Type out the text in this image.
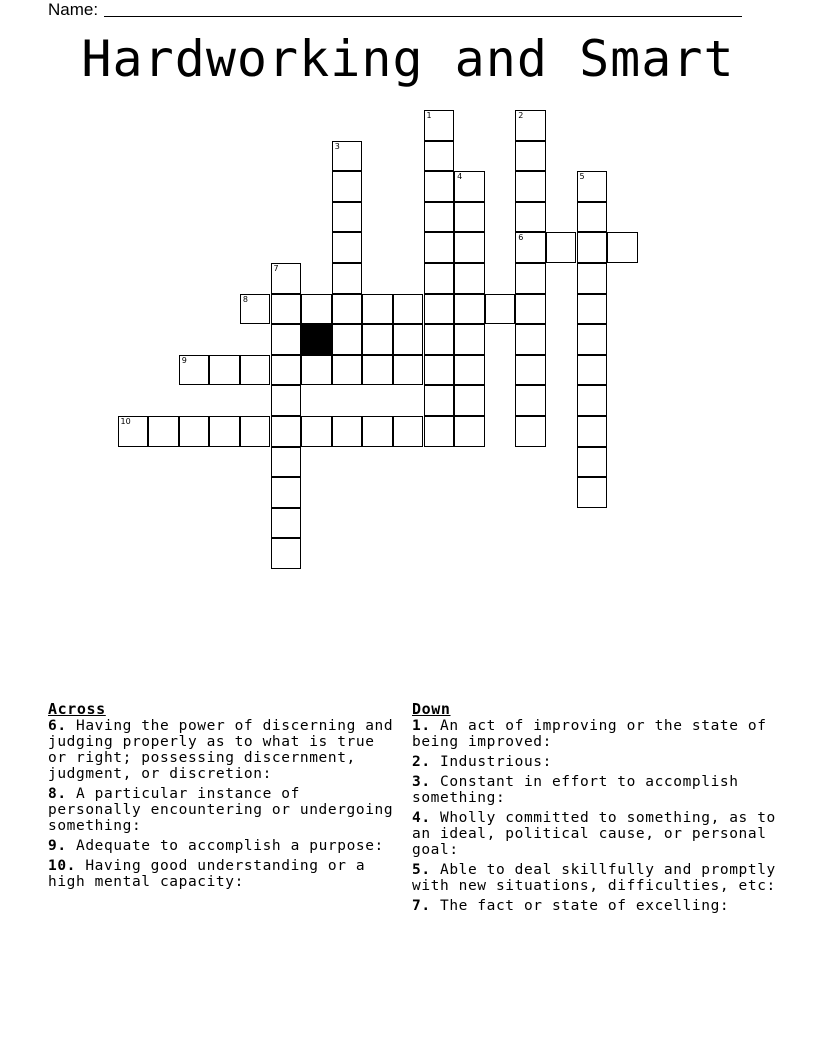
Name:
Hardworking and Smart
1	2
6
3
4	5
7
8
9
10
Across
6. Having the power of discerning and judging properly as to what is true or right; possessing discernment, judgment, or discretion:
8. A particular instance of personally encountering or undergoing something:
9. Adequate to accomplish a purpose:
10. Having good understanding or a high mental capacity:
Down
1. An act of improving or the state of being improved:
2. Industrious:
3. Constant in effort to accomplish something:
4. Wholly committed to something, as to an ideal, political cause, or personal goal:
5. Able to deal skillfully and promptly with new situations, difficulties, etc:
7. The fact or state of excelling:
